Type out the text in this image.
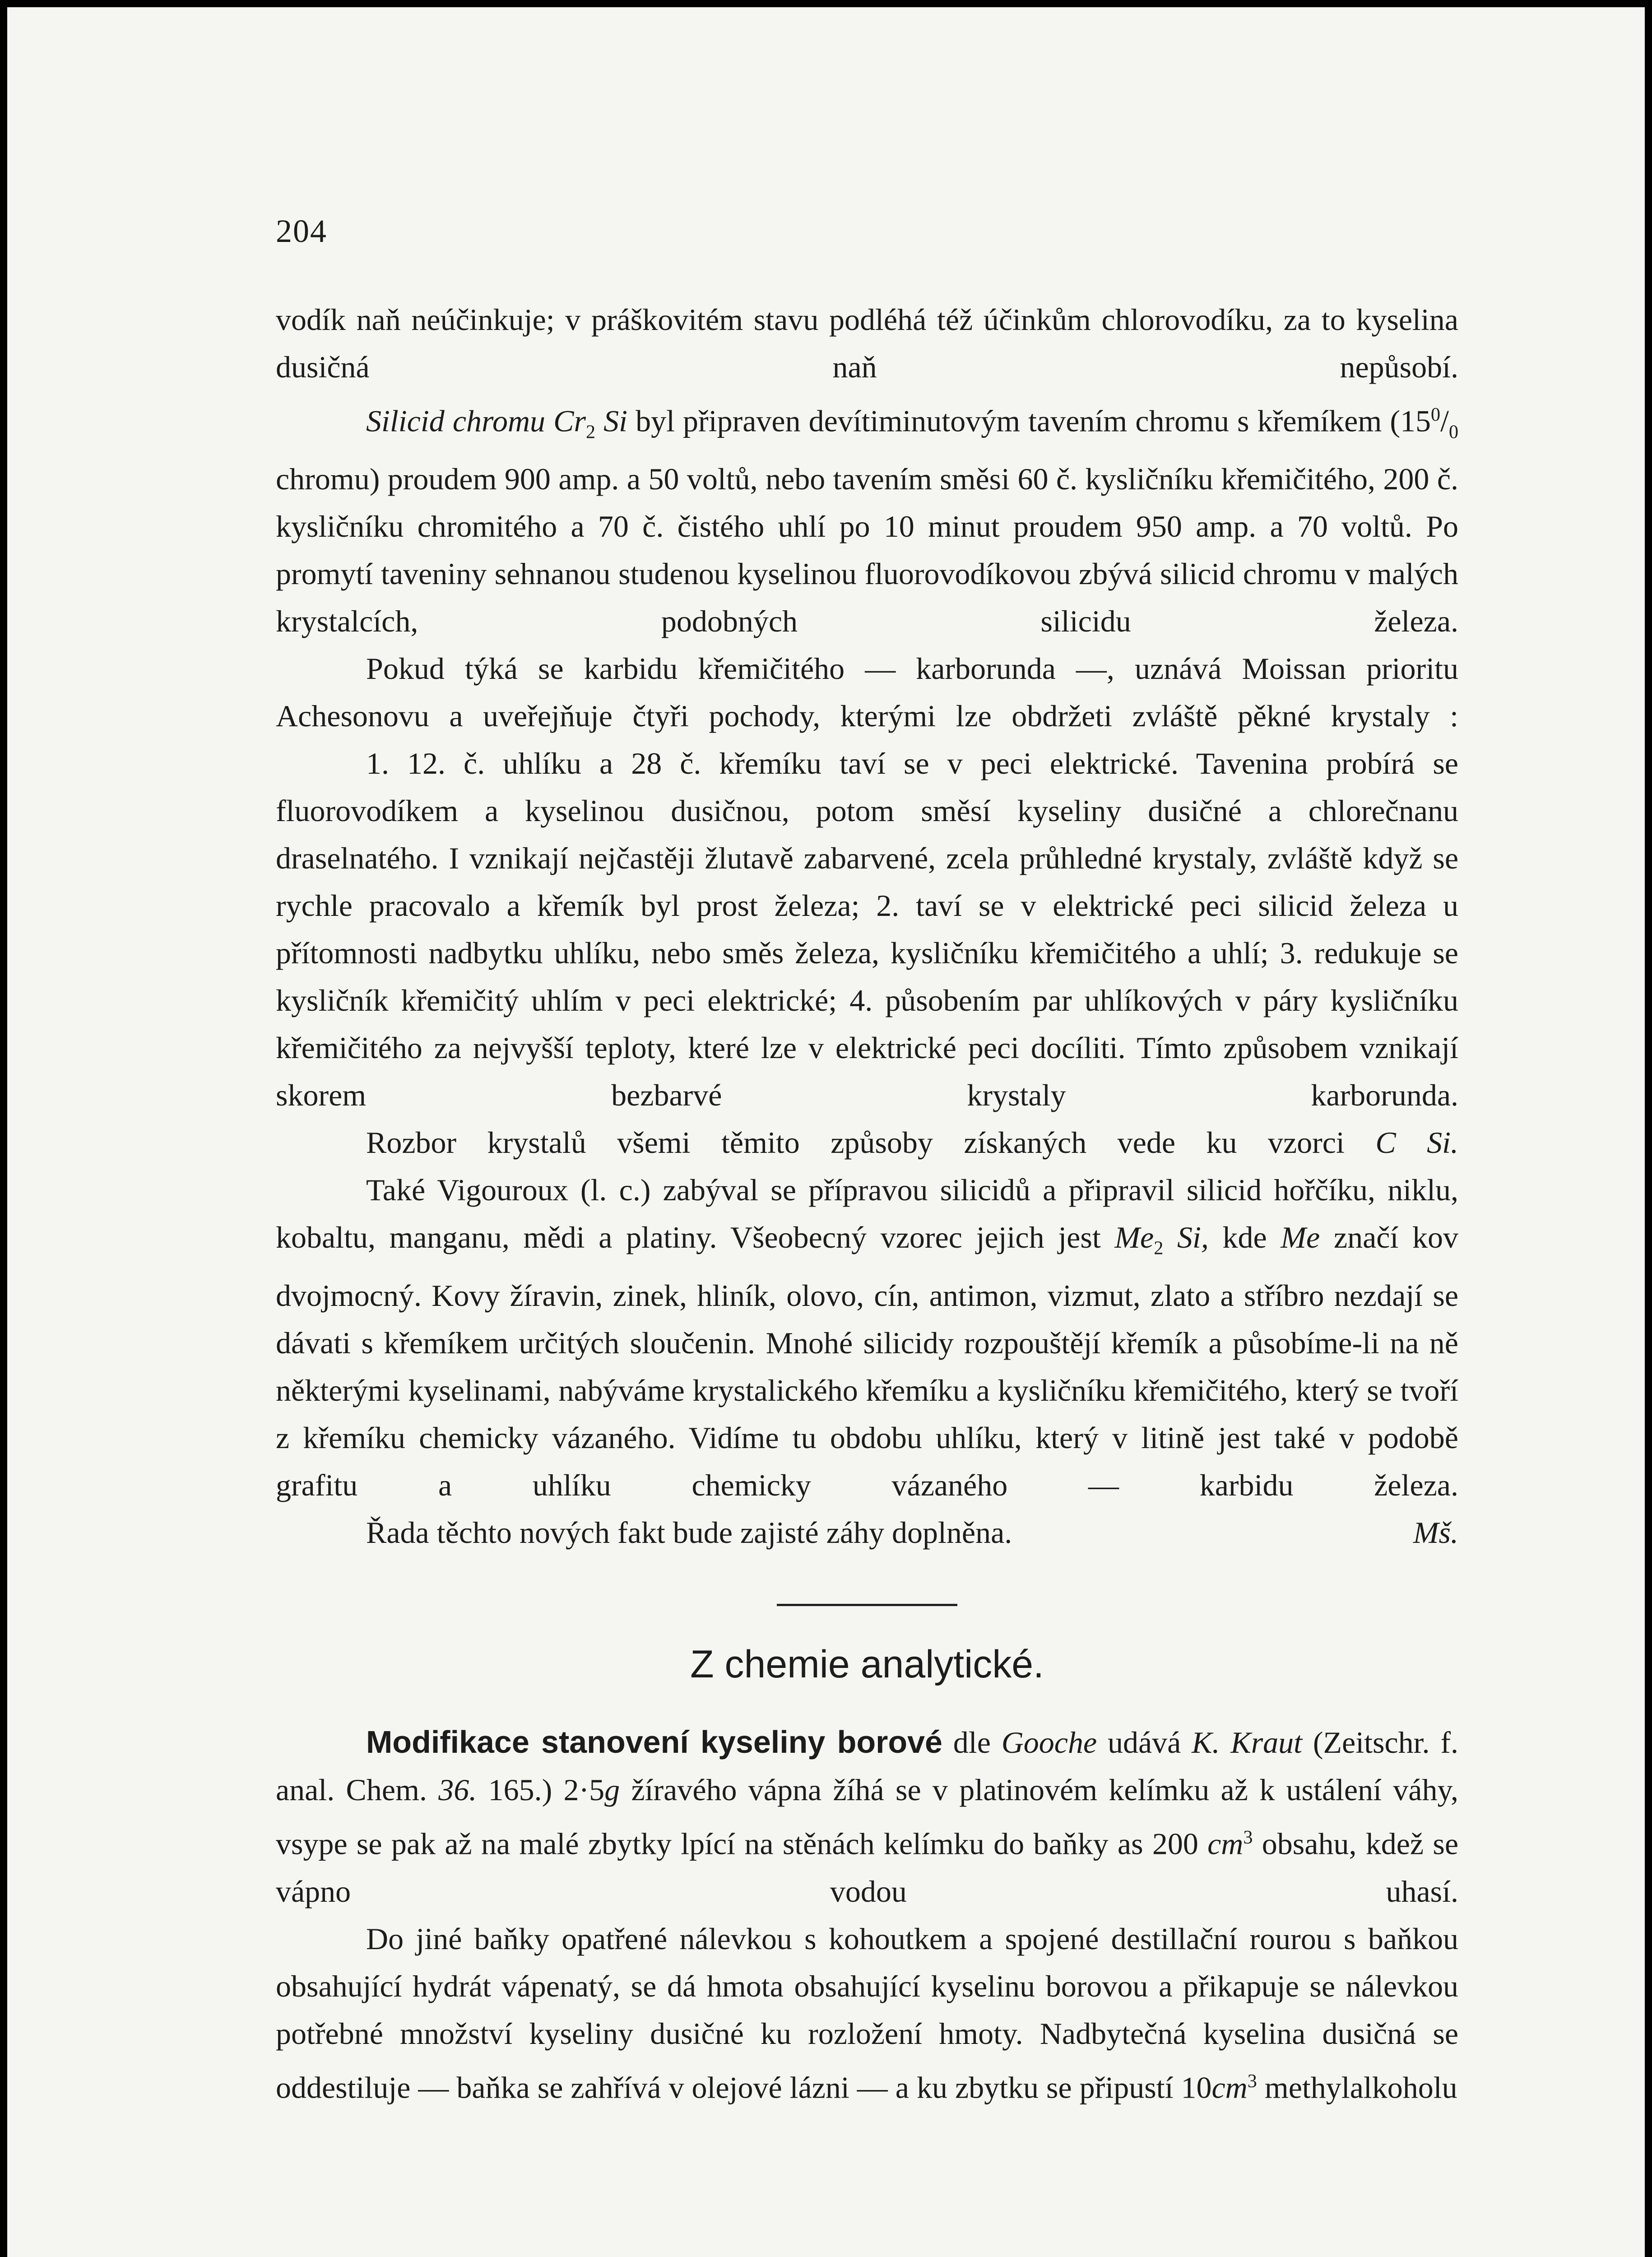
204

vodík naň neúčinkuje; v práškovitém stavu podléhá též účinkům chlorovodíku, za to kyselina dusičná naň nepůsobí.

Silicid chromu $Cr_2$ Si byl připraven devítiminutovým tavením chromu s křemíkem ($15^0/_0$ chromu) proudem 900 amp. a 50 voltů, nebo tavením směsi 60 č. kysličníku křemičitého, 200 č. kysličníku chromitého a 70 č. čistého uhlí po 10 minut proudem 950 amp. a 70 voltů. Po promytí taveniny sehnanou studenou kyselinou fluorovodíkovou zbývá silicid chromu v malých krystalcích, podobných silicidu železa.

Pokud týká se karbidu křemičitého — karborunda —, uznává Moissan prioritu Achesonovu a uveřejňuje čtyři pochody, kterými lze obdržeti zvláště pěkné krystaly :

1. 12. č. uhlíku a 28 č. křemíku taví se v peci elektrické. Tavenina probírá se fluorovodíkem a kyselinou dusičnou, potom směsí kyseliny dusičné a chlorečnanu draselnatého. I vznikají nejčastěji žlutavě zabarvené, zcela průhledné krystaly, zvláště když se rychle pracovalo a křemík byl prost železa; 2. taví se v elektrické peci silicid železa u přítomnosti nadbytku uhlíku, nebo směs železa, kysličníku křemičitého a uhlí; 3. redukuje se kysličník křemičitý uhlím v peci elektrické; 4. působením par uhlíkových v páry kysličníku křemičitého za nejvyšší teploty, které lze v elektrické peci docíliti. Tímto způsobem vznikají skorem bezbarvé krystaly karborunda.

Rozbor krystalů všemi těmito způsoby získaných vede ku vzorci C Si.

Také Vigouroux (l. c.) zabýval se přípravou silicidů a připravil silicid hořčíku, niklu, kobaltu, manganu, mědi a platiny. Všeobecný vzorec jejich jest $Me_2$ Si, kde Me značí kov dvojmocný. Kovy žíravin, zinek, hliník, olovo, cín, antimon, vizmut, zlato a stříbro nezdají se dávati s křemíkem určitých sloučenin. Mnohé silicidy rozpouštějí křemík a působíme-li na ně některými kyselinami, nabýváme krystalického křemíku a kysličníku křemičitého, který se tvoří z křemíku chemicky vázaného. Vidíme tu obdobu uhlíku, který v litině jest také v podobě grafitu a uhlíku chemicky vázaného — karbidu železa.

Řada těchto nových fakt bude zajisté záhy doplněna.	Mš.
Z chemie analytické.

Modifikace stanovení kyseliny borové dle Gooche udává K. Kraut (Zeitschr. f. anal. Chem. 36. 165.) 2·5g žíravého vápna žíhá se v platinovém kelímku až k ustálení váhy, vsype se pak až na malé zbytky lpící na stěnách kelímku do baňky as 200 $cm^3$ obsahu, kdež se vápno vodou uhasí.

Do jiné baňky opatřené nálevkou s kohoutkem a spojené destillační rourou s baňkou obsahující hydrát vápenatý, se dá hmota obsahující kyselinu borovou a přikapuje se nálevkou potřebné množství kyseliny dusičné ku rozložení hmoty. Nadbytečná kyselina dusičná se oddestiluje — baňka se zahřívá v olejové lázni — a ku zbytku se připustí $10cm^3$ methylalkoholu
